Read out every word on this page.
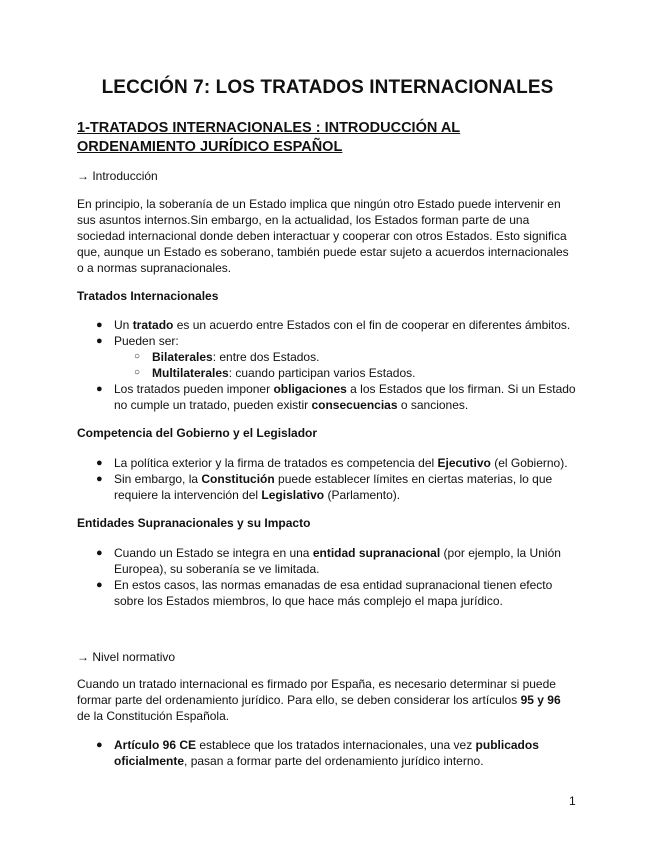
LECCIÓN 7: LOS TRATADOS INTERNACIONALES
1-TRATADOS INTERNACIONALES : INTRODUCCIÓN AL ORDENAMIENTO JURÍDICO ESPAÑOL

→ Introducción

En principio, la soberanía de un Estado implica que ningún otro Estado puede intervenir en sus asuntos internos.Sin embargo, en la actualidad, los Estados forman parte de una sociedad internacional donde deben interactuar y cooperar con otros Estados. Esto significa que, aunque un Estado es soberano, también puede estar sujeto a acuerdos internacionales o a normas supranacionales.

Tratados Internacionales

● Un tratado es un acuerdo entre Estados con el fin de cooperar en diferentes ámbitos.
● Pueden ser:
○ Bilaterales: entre dos Estados.
○ Multilaterales: cuando participan varios Estados.
● Los tratados pueden imponer obligaciones a los Estados que los firman. Si un Estado no cumple un tratado, pueden existir consecuencias o sanciones.

Competencia del Gobierno y el Legislador

● La política exterior y la firma de tratados es competencia del Ejecutivo (el Gobierno).
● Sin embargo, la Constitución puede establecer límites en ciertas materias, lo que requiere la intervención del Legislativo (Parlamento).

Entidades Supranacionales y su Impacto

● Cuando un Estado se integra en una entidad supranacional (por ejemplo, la Unión Europea), su soberanía se ve limitada.
● En estos casos, las normas emanadas de esa entidad supranacional tienen efecto sobre los Estados miembros, lo que hace más complejo el mapa jurídico.

→ Nivel normativo

Cuando un tratado internacional es firmado por España, es necesario determinar si puede formar parte del ordenamiento jurídico. Para ello, se deben considerar los artículos 95 y 96 de la Constitución Española.

● Artículo 96 CE establece que los tratados internacionales, una vez publicados oficialmente, pasan a formar parte del ordenamiento jurídico interno.
1
